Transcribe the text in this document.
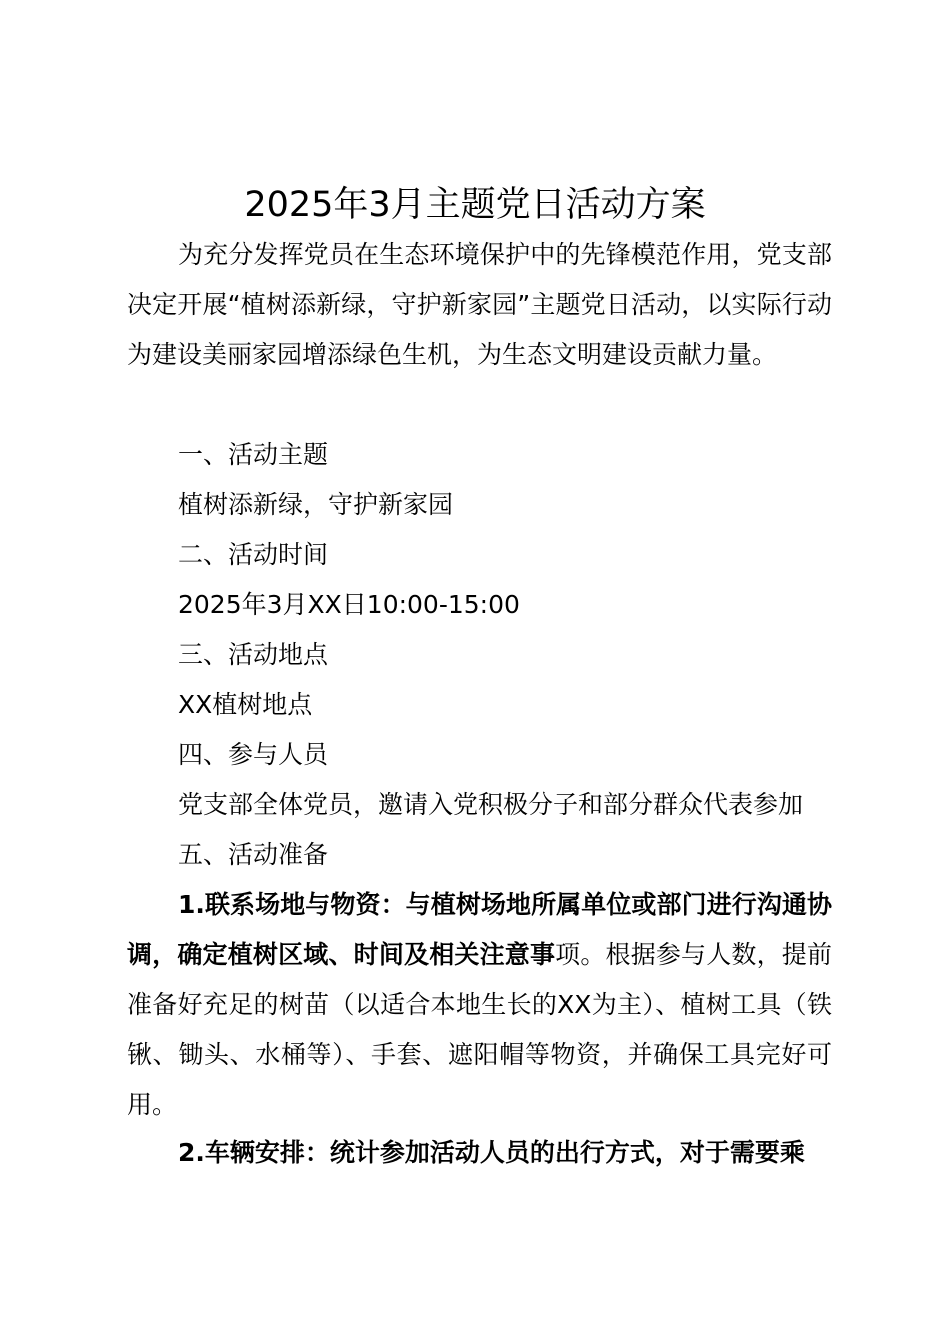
2025年3月主题党日活动方案

为充分发挥党员在生态环境保护中的先锋模范作用，党支部决定开展“植树添新绿，守护新家园”主题党日活动，以实际行动为建设美丽家园增添绿色生机，为生态文明建设贡献力量。

一、活动主题

植树添新绿，守护新家园

二、活动时间

2025年3月XX日10:00-15:00

三、活动地点

XX植树地点

四、参与人员

党支部全体党员，邀请入党积极分子和部分群众代表参加

五、活动准备

1.联系场地与物资：与植树场地所属单位或部门进行沟通协调，确定植树区域、时间及相关注意事项。根据参与人数，提前准备好充足的树苗（以适合本地生长的XX为主）、植树工具（铁锹、锄头、水桶等）、手套、遮阳帽等物资，并确保工具完好可用。

2.车辆安排：统计参加活动人员的出行方式，对于需要乘
